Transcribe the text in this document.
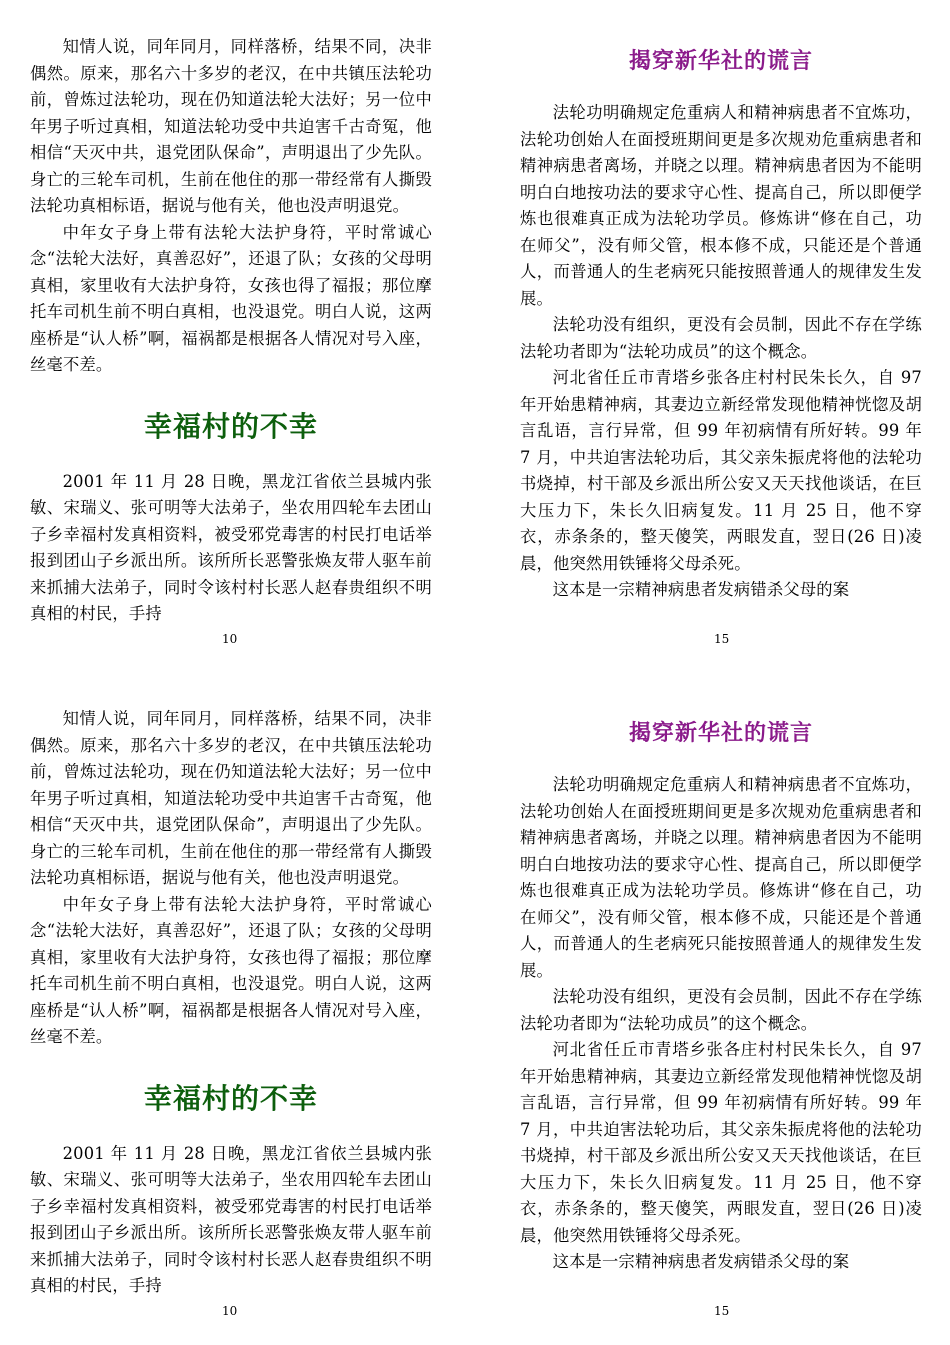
知情人说，同年同月，同样落桥，结果不同，决非偶然。原来，那名六十多岁的老汉，在中共镇压法轮功前，曾炼过法轮功，现在仍知道法轮大法好；另一位中年男子听过真相，知道法轮功受中共迫害千古奇冤，他相信“天灭中共，退党团队保命”，声明退出了少先队。身亡的三轮车司机，生前在他住的那一带经常有人撕毁法轮功真相标语，据说与他有关，他也没声明退党。

中年女子身上带有法轮大法护身符，平时常诚心念“法轮大法好，真善忍好”，还退了队；女孩的父母明真相，家里收有大法护身符，女孩也得了福报；那位摩托车司机生前不明白真相，也没退党。明白人说，这两座桥是“认人桥”啊，福祸都是根据各人情况对号入座，丝毫不差。

幸福村的不幸

2001 年 11 月 28 日晚，黑龙江省依兰县城内张敏、宋瑞义、张可明等大法弟子，坐农用四轮车去团山子乡幸福村发真相资料，被受邪党毒害的村民打电话举报到团山子乡派出所。该所所长恶警张焕友带人驱车前来抓捕大法弟子，同时令该村村长恶人赵春贵组织不明真相的村民，手持

揭穿新华社的谎言

法轮功明确规定危重病人和精神病患者不宜炼功，法轮功创始人在面授班期间更是多次规劝危重病患者和精神病患者离场，并晓之以理。精神病患者因为不能明明白白地按功法的要求守心性、提高自己，所以即便学炼也很难真正成为法轮功学员。修炼讲“修在自己，功在师父”，没有师父管，根本修不成，只能还是个普通人，而普通人的生老病死只能按照普通人的规律发生发展。

法轮功没有组织，更没有会员制，因此不存在学练法轮功者即为“法轮功成员”的这个概念。

河北省任丘市青塔乡张各庄村村民朱长久，自 97 年开始患精神病，其妻边立新经常发现他精神恍惚及胡言乱语，言行异常，但 99 年初病情有所好转。99 年 7 月，中共迫害法轮功后，其父亲朱振虎将他的法轮功书烧掉，村干部及乡派出所公安又天天找他谈话，在巨大压力下，朱长久旧病复发。11 月 25 日，他不穿衣，赤条条的，整天傻笑，两眼发直，翌日(26 日)凌晨，他突然用铁锤将父母杀死。

这本是一宗精神病患者发病错杀父母的案

10	15

知情人说，同年同月，同样落桥，结果不同，决非偶然。原来，那名六十多岁的老汉，在中共镇压法轮功前，曾炼过法轮功，现在仍知道法轮大法好；另一位中年男子听过真相，知道法轮功受中共迫害千古奇冤，他相信“天灭中共，退党团队保命”，声明退出了少先队。身亡的三轮车司机，生前在他住的那一带经常有人撕毁法轮功真相标语，据说与他有关，他也没声明退党。

中年女子身上带有法轮大法护身符，平时常诚心念“法轮大法好，真善忍好”，还退了队；女孩的父母明真相，家里收有大法护身符，女孩也得了福报；那位摩托车司机生前不明白真相，也没退党。明白人说，这两座桥是“认人桥”啊，福祸都是根据各人情况对号入座，丝毫不差。

幸福村的不幸

2001 年 11 月 28 日晚，黑龙江省依兰县城内张敏、宋瑞义、张可明等大法弟子，坐农用四轮车去团山子乡幸福村发真相资料，被受邪党毒害的村民打电话举报到团山子乡派出所。该所所长恶警张焕友带人驱车前来抓捕大法弟子，同时令该村村长恶人赵春贵组织不明真相的村民，手持

揭穿新华社的谎言

法轮功明确规定危重病人和精神病患者不宜炼功，法轮功创始人在面授班期间更是多次规劝危重病患者和精神病患者离场，并晓之以理。精神病患者因为不能明明白白地按功法的要求守心性、提高自己，所以即便学炼也很难真正成为法轮功学员。修炼讲“修在自己，功在师父”，没有师父管，根本修不成，只能还是个普通人，而普通人的生老病死只能按照普通人的规律发生发展。

法轮功没有组织，更没有会员制，因此不存在学练法轮功者即为“法轮功成员”的这个概念。

河北省任丘市青塔乡张各庄村村民朱长久，自 97 年开始患精神病，其妻边立新经常发现他精神恍惚及胡言乱语，言行异常，但 99 年初病情有所好转。99 年 7 月，中共迫害法轮功后，其父亲朱振虎将他的法轮功书烧掉，村干部及乡派出所公安又天天找他谈话，在巨大压力下，朱长久旧病复发。11 月 25 日，他不穿衣，赤条条的，整天傻笑，两眼发直，翌日(26 日)凌晨，他突然用铁锤将父母杀死。

这本是一宗精神病患者发病错杀父母的案

10	15
